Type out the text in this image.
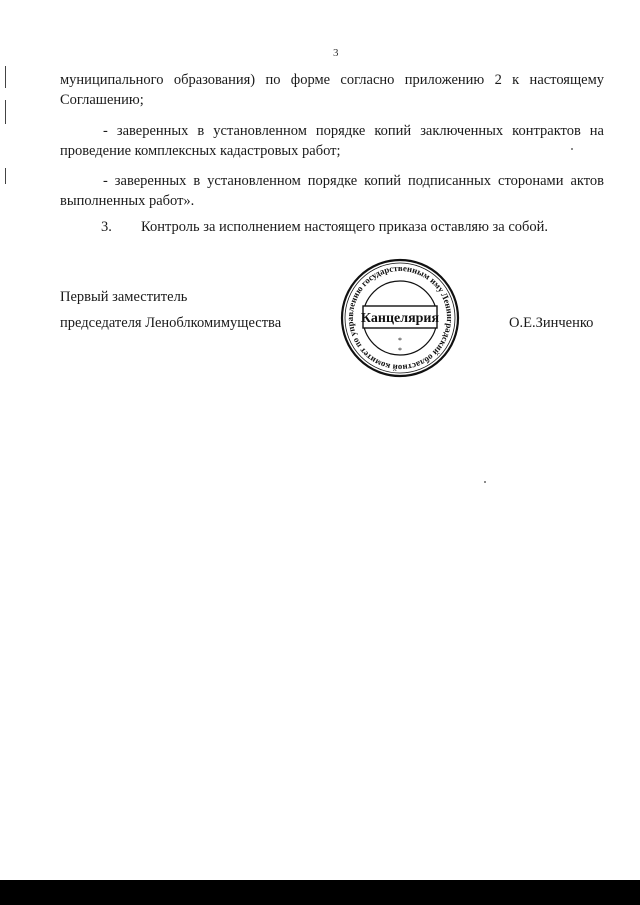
3
муниципального образования) по форме согласно приложению 2 к настоящему
Соглашению;
- заверенных в установленном порядке копий заключенных контрактов на
проведение комплексных кадастровых работ;
- заверенных в установленном порядке копий подписанных сторонами актов
выполненных работ».
3. Контроль за исполнением настоящего приказа оставляю за собой.
Первый заместитель
председателя Леноблкомимущества	О.Е.Зинченко
Ленинградский областной комитет по управлению государственным имуществом
Канцелярия
*
*
